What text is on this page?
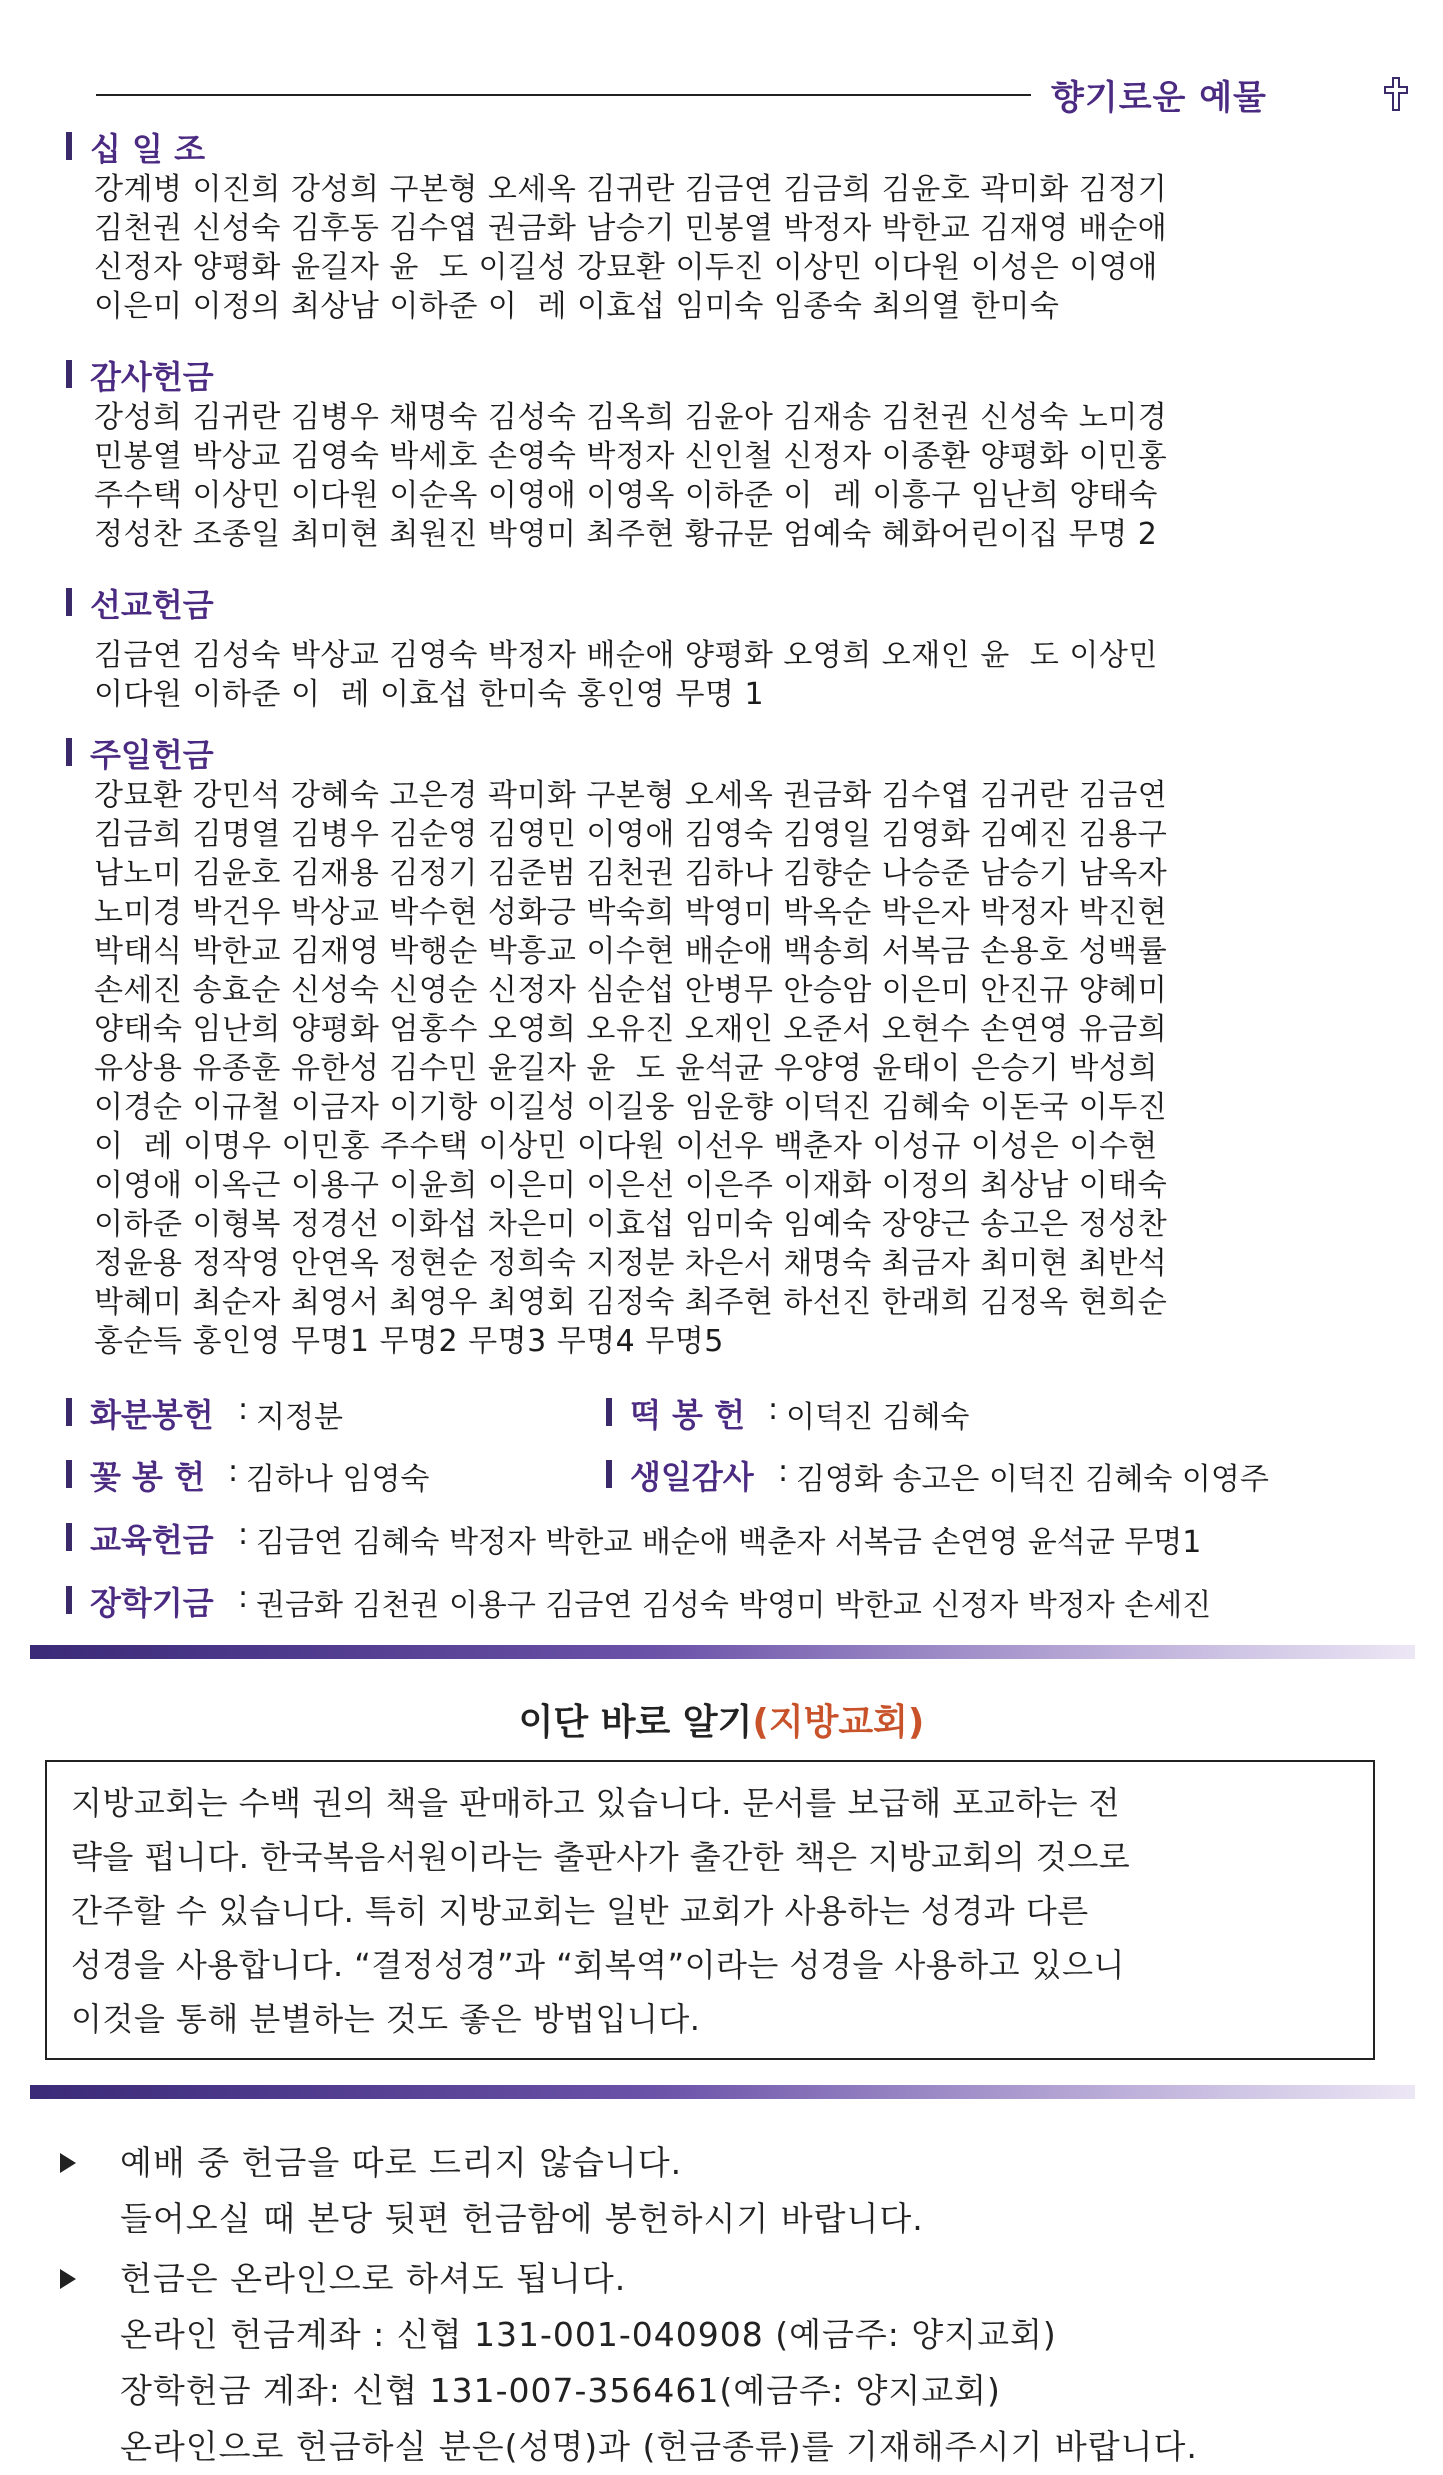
향기로운 예물
십 일 조
강계병 이진희 강성희 구본형 오세옥 김귀란 김금연 김금희 김윤호 곽미화 김정기
김천권 신성숙 김후동 김수엽 권금화 남승기 민봉열 박정자 박한교 김재영 배순애
신정자 양평화 윤길자 윤  도 이길성 강묘환 이두진 이상민 이다원 이성은 이영애
이은미 이정의 최상남 이하준 이  레 이효섭 임미숙 임종숙 최의열 한미숙
감사헌금
강성희 김귀란 김병우 채명숙 김성숙 김옥희 김윤아 김재송 김천권 신성숙 노미경
민봉열 박상교 김영숙 박세호 손영숙 박정자 신인철 신정자 이종환 양평화 이민홍
주수택 이상민 이다원 이순옥 이영애 이영옥 이하준 이  레 이흥구 임난희 양태숙
정성찬 조종일 최미현 최원진 박영미 최주현 황규문 엄예숙 혜화어린이집 무명 2
선교헌금
김금연 김성숙 박상교 김영숙 박정자 배순애 양평화 오영희 오재인 윤  도 이상민
이다원 이하준 이  레 이효섭 한미숙 홍인영 무명 1
주일헌금
강묘환 강민석 강혜숙 고은경 곽미화 구본형 오세옥 권금화 김수엽 김귀란 김금연
김금희 김명열 김병우 김순영 김영민 이영애 김영숙 김영일 김영화 김예진 김용구
남노미 김윤호 김재용 김정기 김준범 김천권 김하나 김향순 나승준 남승기 남옥자
노미경 박건우 박상교 박수현 성화긍 박숙희 박영미 박옥순 박은자 박정자 박진현
박태식 박한교 김재영 박행순 박흥교 이수현 배순애 백송희 서복금 손용호 성백률
손세진 송효순 신성숙 신영순 신정자 심순섭 안병무 안승암 이은미 안진규 양혜미
양태숙 임난희 양평화 엄홍수 오영희 오유진 오재인 오준서 오현수 손연영 유금희
유상용 유종훈 유한성 김수민 윤길자 윤  도 윤석균 우양영 윤태이 은승기 박성희
이경순 이규철 이금자 이기항 이길성 이길웅 임운향 이덕진 김혜숙 이돈국 이두진
이  레 이명우 이민홍 주수택 이상민 이다원 이선우 백춘자 이성규 이성은 이수현
이영애 이옥근 이용구 이윤희 이은미 이은선 이은주 이재화 이정의 최상남 이태숙
이하준 이형복 정경선 이화섭 차은미 이효섭 임미숙 임예숙 장양근 송고은 정성찬
정윤용 정작영 안연옥 정현순 정희숙 지정분 차은서 채명숙 최금자 최미현 최반석
박혜미 최순자 최영서 최영우 최영회 김정숙 최주현 하선진 한래희 김정옥 현희순
홍순득 홍인영 무명1 무명2 무명3 무명4 무명5
화분봉헌 : 지정분	떡 봉 헌 : 이덕진 김혜숙
꽃 봉 헌 : 김하나 임영숙	생일감사 : 김영화 송고은 이덕진 김혜숙 이영주
교육헌금 : 김금연 김혜숙 박정자 박한교 배순애 백춘자 서복금 손연영 윤석균 무명1
장학기금 : 권금화 김천권 이용구 김금연 김성숙 박영미 박한교 신정자 박정자 손세진
이단 바로 알기(지방교회)
지방교회는 수백 권의 책을 판매하고 있습니다. 문서를 보급해 포교하는 전
략을 펍니다. 한국복음서원이라는 출판사가 출간한 책은 지방교회의 것으로
간주할 수 있습니다. 특히 지방교회는 일반 교회가 사용하는 성경과 다른
성경을 사용합니다. “결정성경”과 “회복역”이라는 성경을 사용하고 있으니
이것을 통해 분별하는 것도 좋은 방법입니다.
예배 중 헌금을 따로 드리지 않습니다.
들어오실 때 본당 뒷편 헌금함에 봉헌하시기 바랍니다.
헌금은 온라인으로 하셔도 됩니다.
온라인 헌금계좌 : 신협 131-001-040908 (예금주: 양지교회)
장학헌금 계좌: 신협 131-007-356461(예금주: 양지교회)
온라인으로 헌금하실 분은(성명)과 (헌금종류)를 기재해주시기 바랍니다.
